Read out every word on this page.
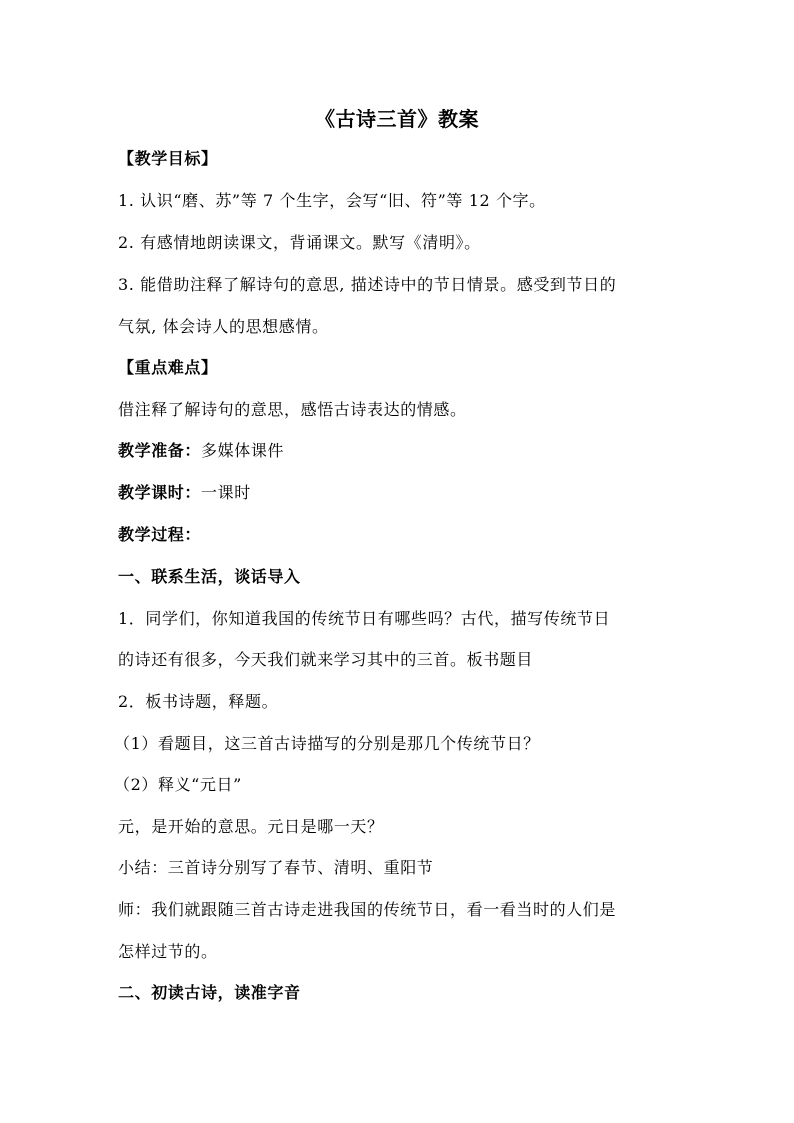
《古诗三首》教案
【教学目标】
1. 认识“磨、苏”等 7 个生字，会写“旧、符”等 12 个字。
2. 有感情地朗读课文，背诵课文。默写《清明》。
3. 能借助注释了解诗句的意思, 描述诗中的节日情景。感受到节日的
气氛, 体会诗人的思想感情。
【重点难点】
借注释了解诗句的意思，感悟古诗表达的情感。
教学准备：多媒体课件
教学课时：一课时
教学过程：
一、联系生活，谈话导入
1．同学们，你知道我国的传统节日有哪些吗？古代，描写传统节日
的诗还有很多，今天我们就来学习其中的三首。板书题目
2．板书诗题，释题。
（1）看题目，这三首古诗描写的分别是那几个传统节日？
（2）释义“元日”
元，是开始的意思。元日是哪一天？
小结：三首诗分别写了春节、清明、重阳节
师：我们就跟随三首古诗走进我国的传统节日，看一看当时的人们是
怎样过节的。
二、初读古诗，读准字音
